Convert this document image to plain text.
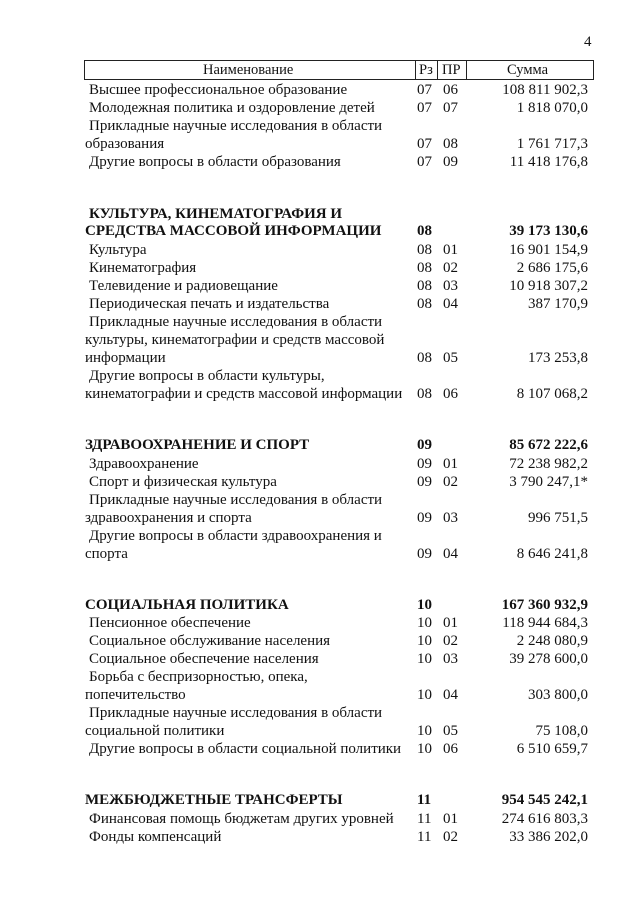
4
Наименование	Рз ПР	Сумма
Высшее профессиональное образование	07 06	108 811 902,3
Молодежная политика и оздоровление детей	07 07	1 818 070,0
Прикладные научные исследования в области
образования	07 08	1 761 717,3
Другие вопросы в области образования	07 09	11 418 176,8
КУЛЬТУРА, КИНЕМАТОГРАФИЯ И
СРЕДСТВА МАССОВОЙ ИНФОРМАЦИИ 08	39 173 130,6
Культура	08 01	16 901 154,9
Кинематография	08 02	2 686 175,6
Телевидение и радиовещание	08 03	10 918 307,2
Периодическая печать и издательства	08 04	387 170,9
Прикладные научные исследования в области
культуры, кинематографии и средств массовой
информации	08 05	173 253,8
Другие вопросы в области культуры,
кинематографии и средств массовой информации 08 06	8 107 068,2
ЗДРАВООХРАНЕНИЕ И СПОРТ	09	85 672 222,6
Здравоохранение	09 01	72 238 982,2
Спорт и физическая культура	09 02	3 790 247,1*
Прикладные научные исследования в области
здравоохранения и спорта	09 03	996 751,5
Другие вопросы в области здравоохранения и
спорта	09 04	8 646 241,8
СОЦИАЛЬНАЯ ПОЛИТИКА	10	167 360 932,9
Пенсионное обеспечение	10 01	118 944 684,3
Социальное обслуживание населения	10 02	2 248 080,9
Социальное обеспечение населения	10 03	39 278 600,0
Борьба с беспризорностью, опека,
попечительство	10 04	303 800,0
Прикладные научные исследования в области
социальной политики	10 05	75 108,0
Другие вопросы в области социальной политики 10 06	6 510 659,7
МЕЖБЮДЖЕТНЫЕ ТРАНСФЕРТЫ	11	954 545 242,1
Финансовая помощь бюджетам других уровней 11 01	274 616 803,3
Фонды компенсаций	11 02	33 386 202,0
